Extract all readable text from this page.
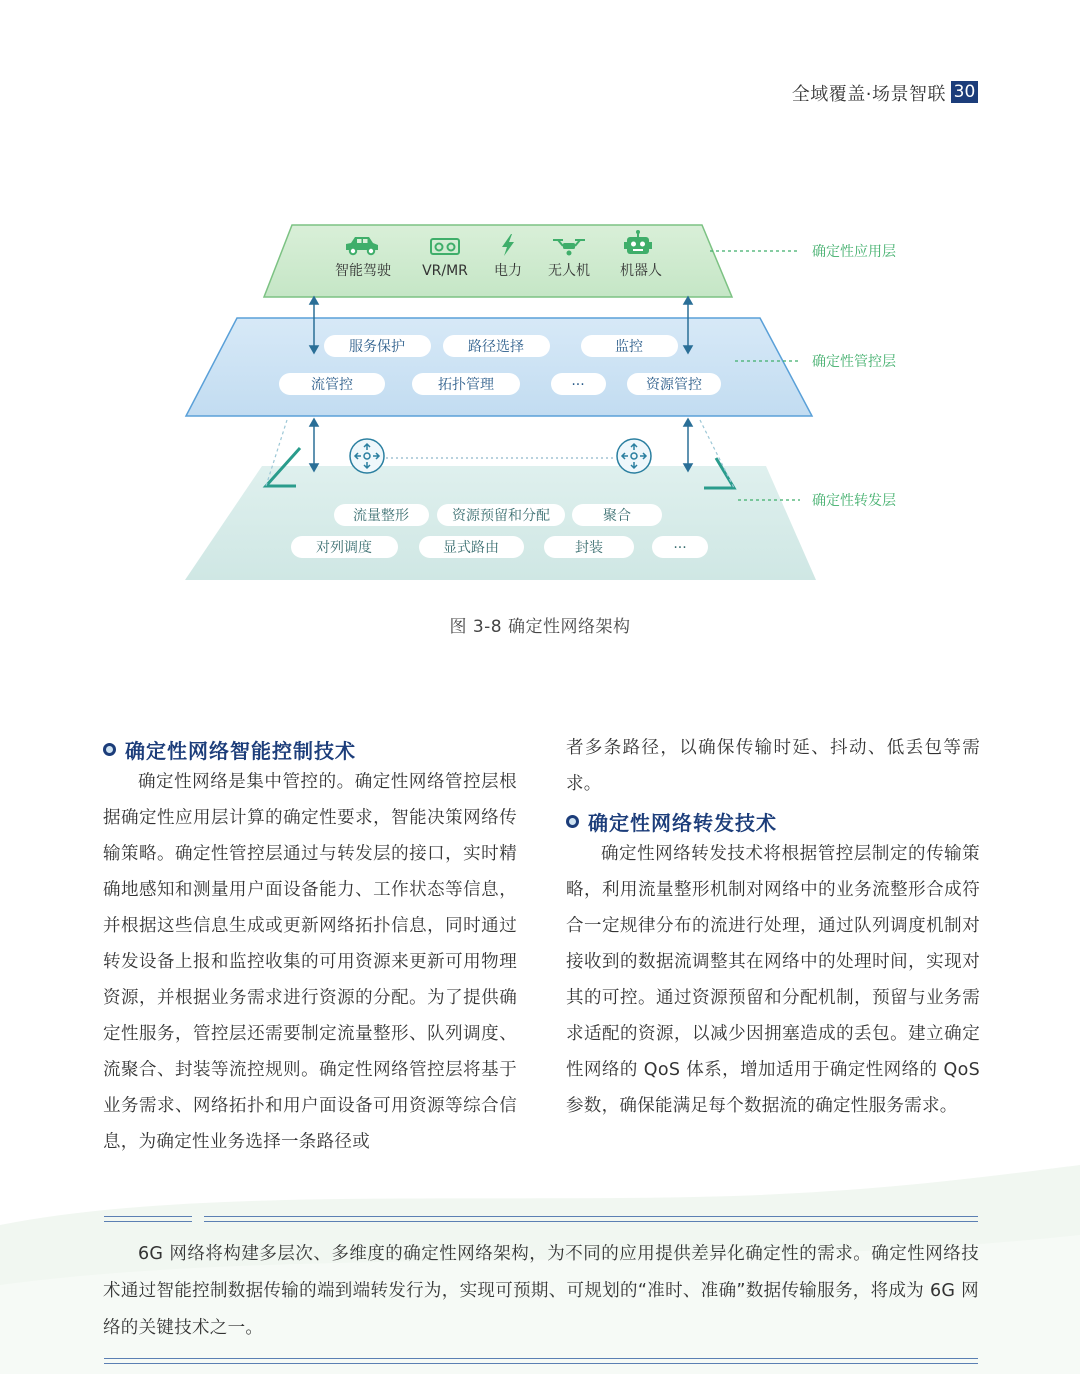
全域覆盖·场景智联 30
智能驾驶 VR/MR 电力 无人机 机器人
服务保护	路径选择	监控
流管控	拓扑管理	···	资源管控
流量整形	资源预留和分配	聚合
对列调度	显式路由	封装	···
确定性应用层
确定性管控层
确定性转发层
图 3-8 确定性网络架构
确定性网络智能控制技术
确定性网络是集中管控的。确定性网络管控层根据确定性应用层计算的确定性要求，智能决策网络传输策略。确定性管控层通过与转发层的接口，实时精确地感知和测量用户面设备能力、工作状态等信息，并根据这些信息生成或更新网络拓扑信息，同时通过转发设备上报和监控收集的可用资源来更新可用物理资源，并根据业务需求进行资源的分配。为了提供确定性服务，管控层还需要制定流量整形、队列调度、流聚合、封装等流控规则。确定性网络管控层将基于业务需求、网络拓扑和用户面设备可用资源等综合信息，为确定性业务选择一条路径或
者多条路径，以确保传输时延、抖动、低丢包等需求。
确定性网络转发技术
确定性网络转发技术将根据管控层制定的传输策略，利用流量整形机制对网络中的业务流整形合成符合一定规律分布的流进行处理，通过队列调度机制对接收到的数据流调整其在网络中的处理时间，实现对其的可控。通过资源预留和分配机制，预留与业务需求适配的资源，以减少因拥塞造成的丢包。建立确定性网络的 QoS 体系，增加适用于确定性网络的 QoS 参数，确保能满足每个数据流的确定性服务需求。
6G 网络将构建多层次、多维度的确定性网络架构，为不同的应用提供差异化确定性的需求。确定性网络技术通过智能控制数据传输的端到端转发行为，实现可预期、可规划的“准时、准确”数据传输服务，将成为 6G 网络的关键技术之一。
